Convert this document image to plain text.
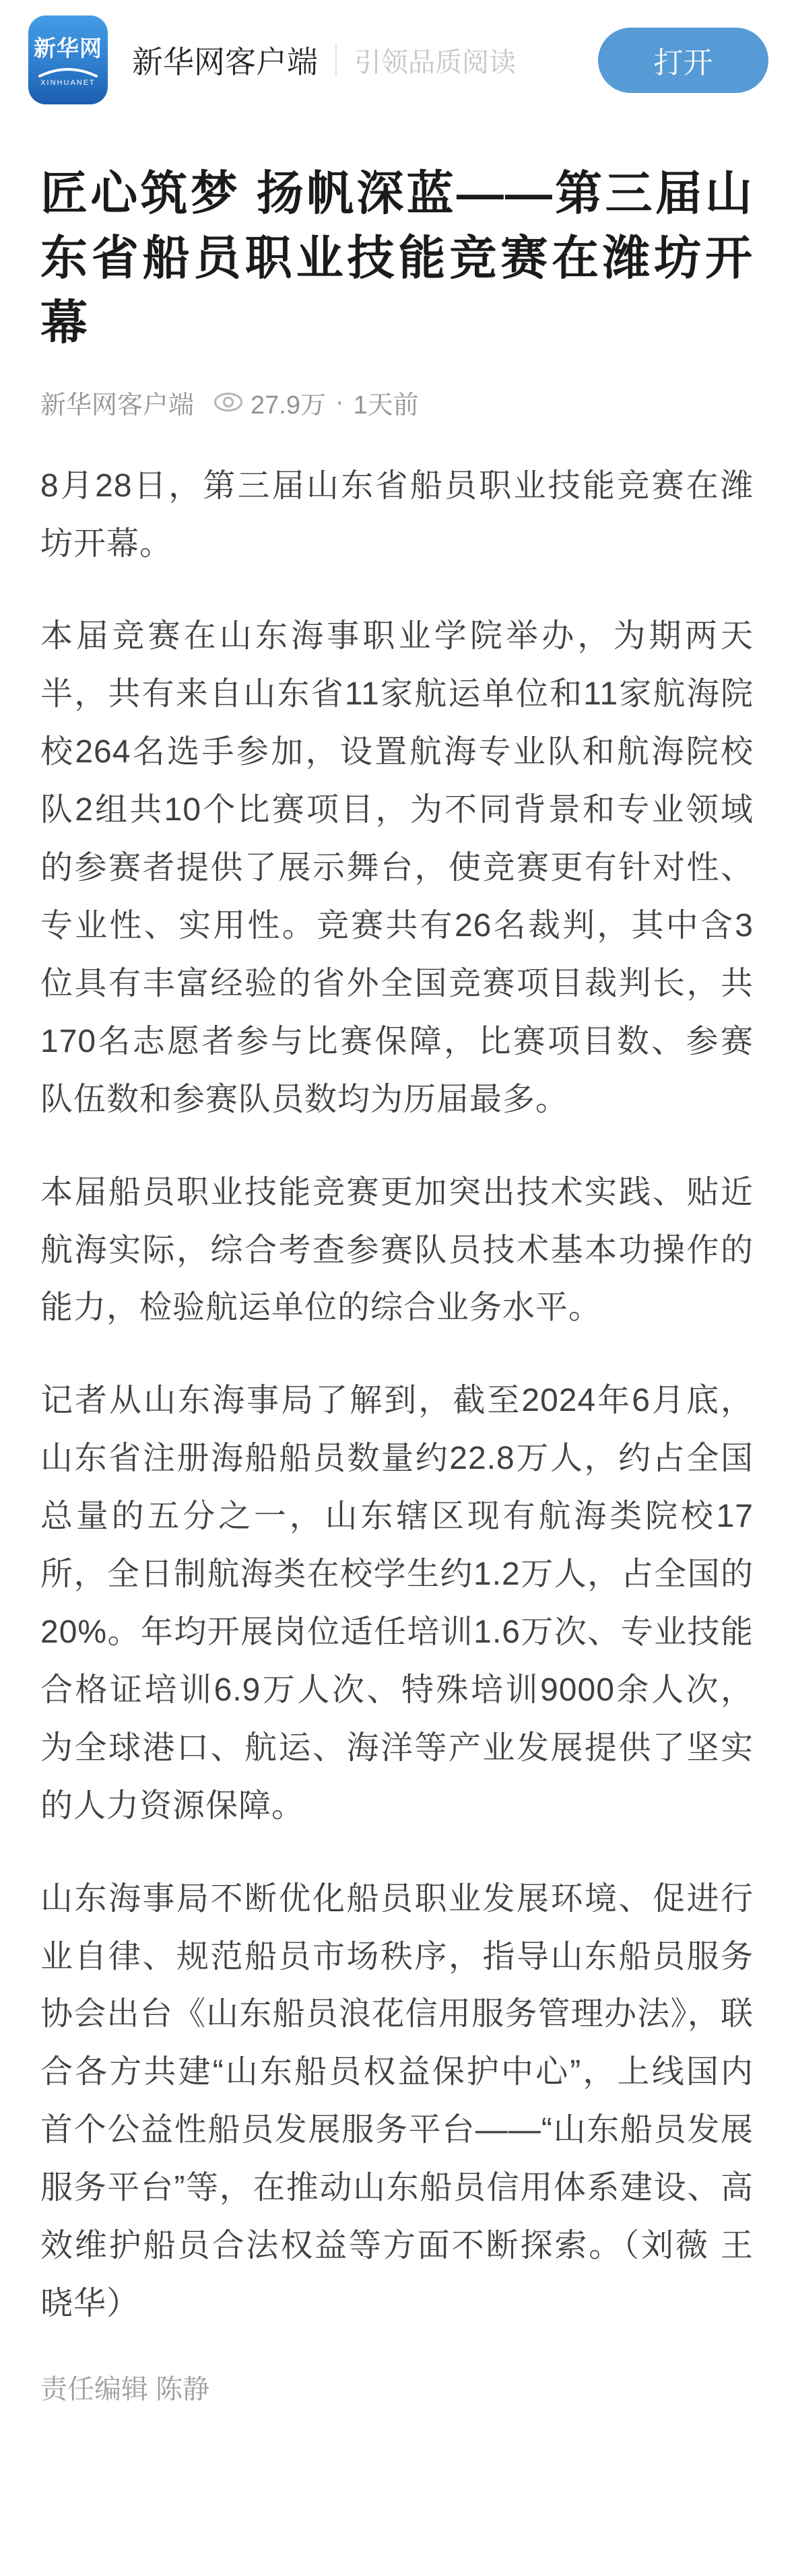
新华网
XINHUANET
新华网客户端 引领品质阅读	打开
匠心筑梦 扬帆深蓝——第三届山东省船员职业技能竞赛在潍坊开幕
新华网客户端 27.9万 · 1天前

8月28日，第三届山东省船员职业技能竞赛在潍坊开幕。

本届竞赛在山东海事职业学院举办，为期两天半，共有来自山东省11家航运单位和11家航海院校264名选手参加，设置航海专业队和航海院校队2组共10个比赛项目，为不同背景和专业领域的参赛者提供了展示舞台，使竞赛更有针对性、专业性、实用性。竞赛共有26名裁判，其中含3位具有丰富经验的省外全国竞赛项目裁判长，共170名志愿者参与比赛保障，比赛项目数、参赛队伍数和参赛队员数均为历届最多。

本届船员职业技能竞赛更加突出技术实践、贴近航海实际，综合考查参赛队员技术基本功操作的能力，检验航运单位的综合业务水平。

记者从山东海事局了解到，截至2024年6月底，山东省注册海船船员数量约22.8万人，约占全国总量的五分之一，山东辖区现有航海类院校17所，全日制航海类在校学生约1.2万人，占全国的20%。年均开展岗位适任培训1.6万次、专业技能合格证培训6.9万人次、特殊培训9000余人次，为全球港口、航运、海洋等产业发展提供了坚实的人力资源保障。

山东海事局不断优化船员职业发展环境、促进行业自律、规范船员市场秩序，指导山东船员服务协会出台《山东船员浪花信用服务管理办法》，联合各方共建“山东船员权益保护中心”，上线国内首个公益性船员发展服务平台——“山东船员发展服务平台”等，在推动山东船员信用体系建设、高效维护船员合法权益等方面不断探索。（刘薇 王晓华）

责任编辑 陈静
